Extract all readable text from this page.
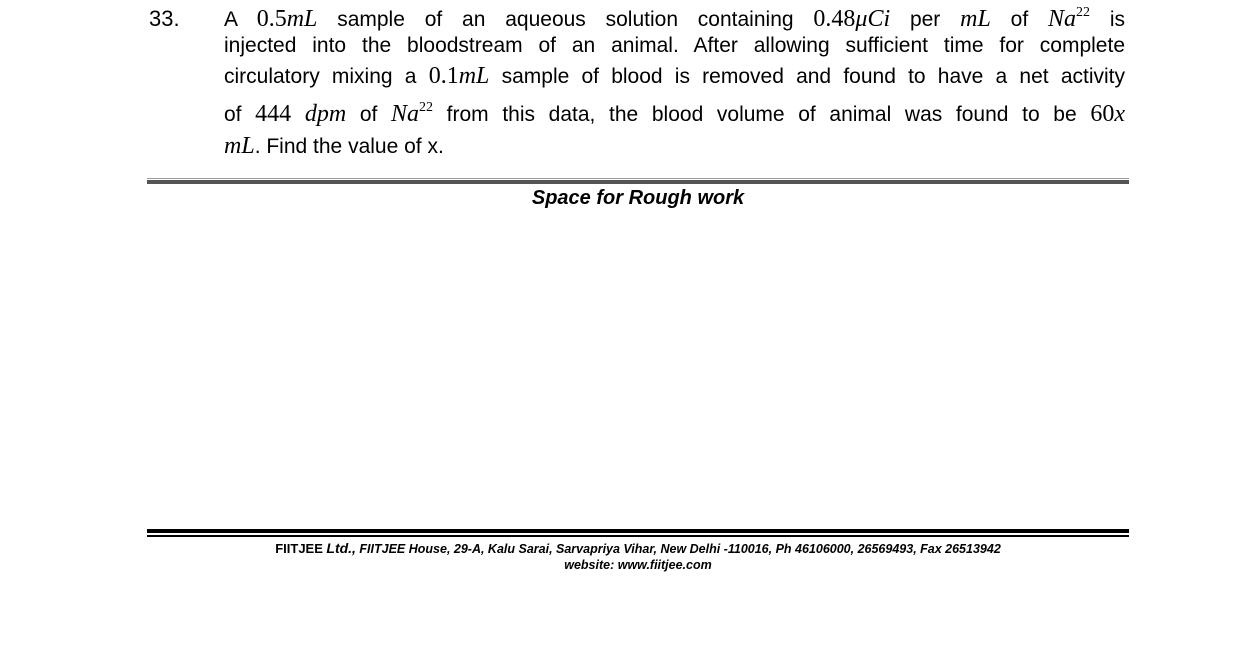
33. A 0.5mL sample of an aqueous solution containing 0.48μCi per mL of Na$^{22}$ is
injected into the bloodstream of an animal. After allowing sufficient time for complete
circulatory mixing a 0.1mL sample of blood is removed and found to have a net activity
of 444 dpm of Na$^{22}$ from this data, the blood volume of animal was found to be 60x
mL. Find the value of x.
Space for Rough work
FIITJEE Ltd., FIITJEE House, 29-A, Kalu Sarai, Sarvapriya Vihar, New Delhi -110016, Ph 46106000, 26569493, Fax 26513942
website: www.fiitjee.com
